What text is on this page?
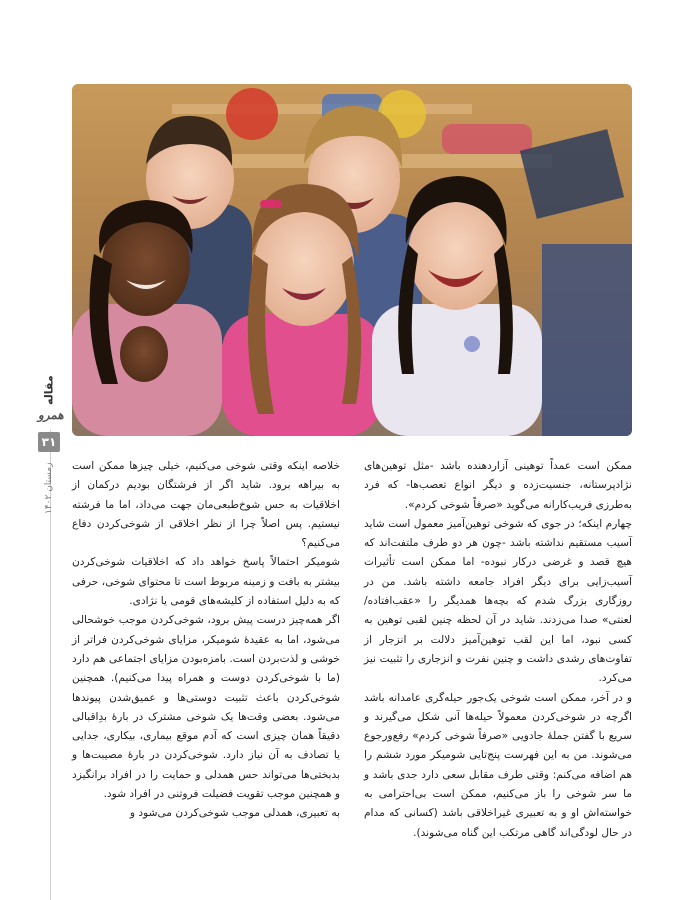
مقاله
همرو
۳۱
زمستان ۱۴۰۲	ممکن است عمداً توهینی آزاردهنده باشد -مثل توهین‌های نژادپرستانه، جنسیت‌زده و دیگر انواع تعصب‌ها- که فرد به‌طرزی فریب‌کارانه می‌گوید «صرفاً شوخی کردم».

چهارم اینکه؛ در جوی که شوخی توهین‌آمیز معمول است شاید آسیب مستقیم نداشته باشد -چون هر دو طرف ملتفت‌اند که هیچ قصد و غرضی درکار نبوده- اما ممکن است تأثیرات آسیب‌زایی برای دیگر افراد جامعه داشته باشد. من در روزگاری بزرگ شدم که بچه‌ها همدیگر را «عقب‌افتاده/ لعنتی» صدا می‌زدند. شاید در آن لحظه چنین لقبی توهین به کسی نبود، اما این لقب توهین‌آمیز دلالت بر انزجار از تفاوت‌های رشدی داشت و چنین نفرت و انزجاری را تثبیت نیز می‌کرد.

و در آخر، ممکن است شوخی یک‌جور حیله‌گری عامدانه باشد اگرچه در شوخی‌کردن معمولاً حیله‌ها آنی شکل می‌گیرند و سریع با گفتن جملهٔ جادویی «صرفاً شوخی کردم» رفع‌ورجوع می‌شوند. من به این فهرست پنج‌تایی شومیکر مورد ششم را هم اضافه می‌کنم: وقتی طرف مقابل سعی دارد جدی باشد و ما سر شوخی را باز می‌کنیم، ممکن است بی‌احترامی به خواسته‌اش او و به تعبیری غیراخلاقی باشد (کسانی که مدام در حال لودگی‌اند گاهی مرتکب این گناه می‌شوند).

خلاصه اینکه وقتی شوخی می‌کنیم، خیلی چیزها ممکن است به بیراهه برود. شاید اگر از فرشتگان بودیم درکمان از اخلاقیات به حس شوخ‌طبعی‌مان جهت می‌داد، اما ما فرشته نیستیم. پس اصلاً چرا از نظر اخلاقی از شوخی‌کردن دفاع می‌کنیم؟

شومیکر احتمالاً پاسخ خواهد داد که اخلاقیات شوخی‌کردن بیشتر به بافت و زمینه مربوط است تا محتوای شوخی، حرفی که به دلیل استفاده از کلیشه‌های قومی یا نژادی.

اگر همه‌چیز درست پیش برود، شوخی‌کردن موجب خوشحالی می‌شود، اما به عقیدهٔ شومیکر، مزایای شوخی‌کردن فراتر از خوشی و لذت‌بردن است. بامزه‌بودن مزایای اجتماعی هم دارد (ما با شوخی‌کردن دوست و همراه پیدا می‌کنیم). همچنین شوخی‌کردن باعث تثبیت دوستی‌ها و عمیق‌شدن پیوندها می‌شود. بعضی وقت‌ها یک شوخی مشترک در بارهٔ بدِاقبالی دقیقاً همان چیزی است که آدم موقع بیماری، بیکاری، جدایی یا تصادف به آن نیاز دارد. شوخی‌کردن در بارهٔ مصیبت‌ها و بدبختی‌ها می‌تواند حس همدلی و حمایت را در افراد برانگیزد و همچنین موجب تقویت فضیلت فروتنی در افراد شود.

به تعبیری، همدلی موجب شوخی‌کردن می‌شود و
